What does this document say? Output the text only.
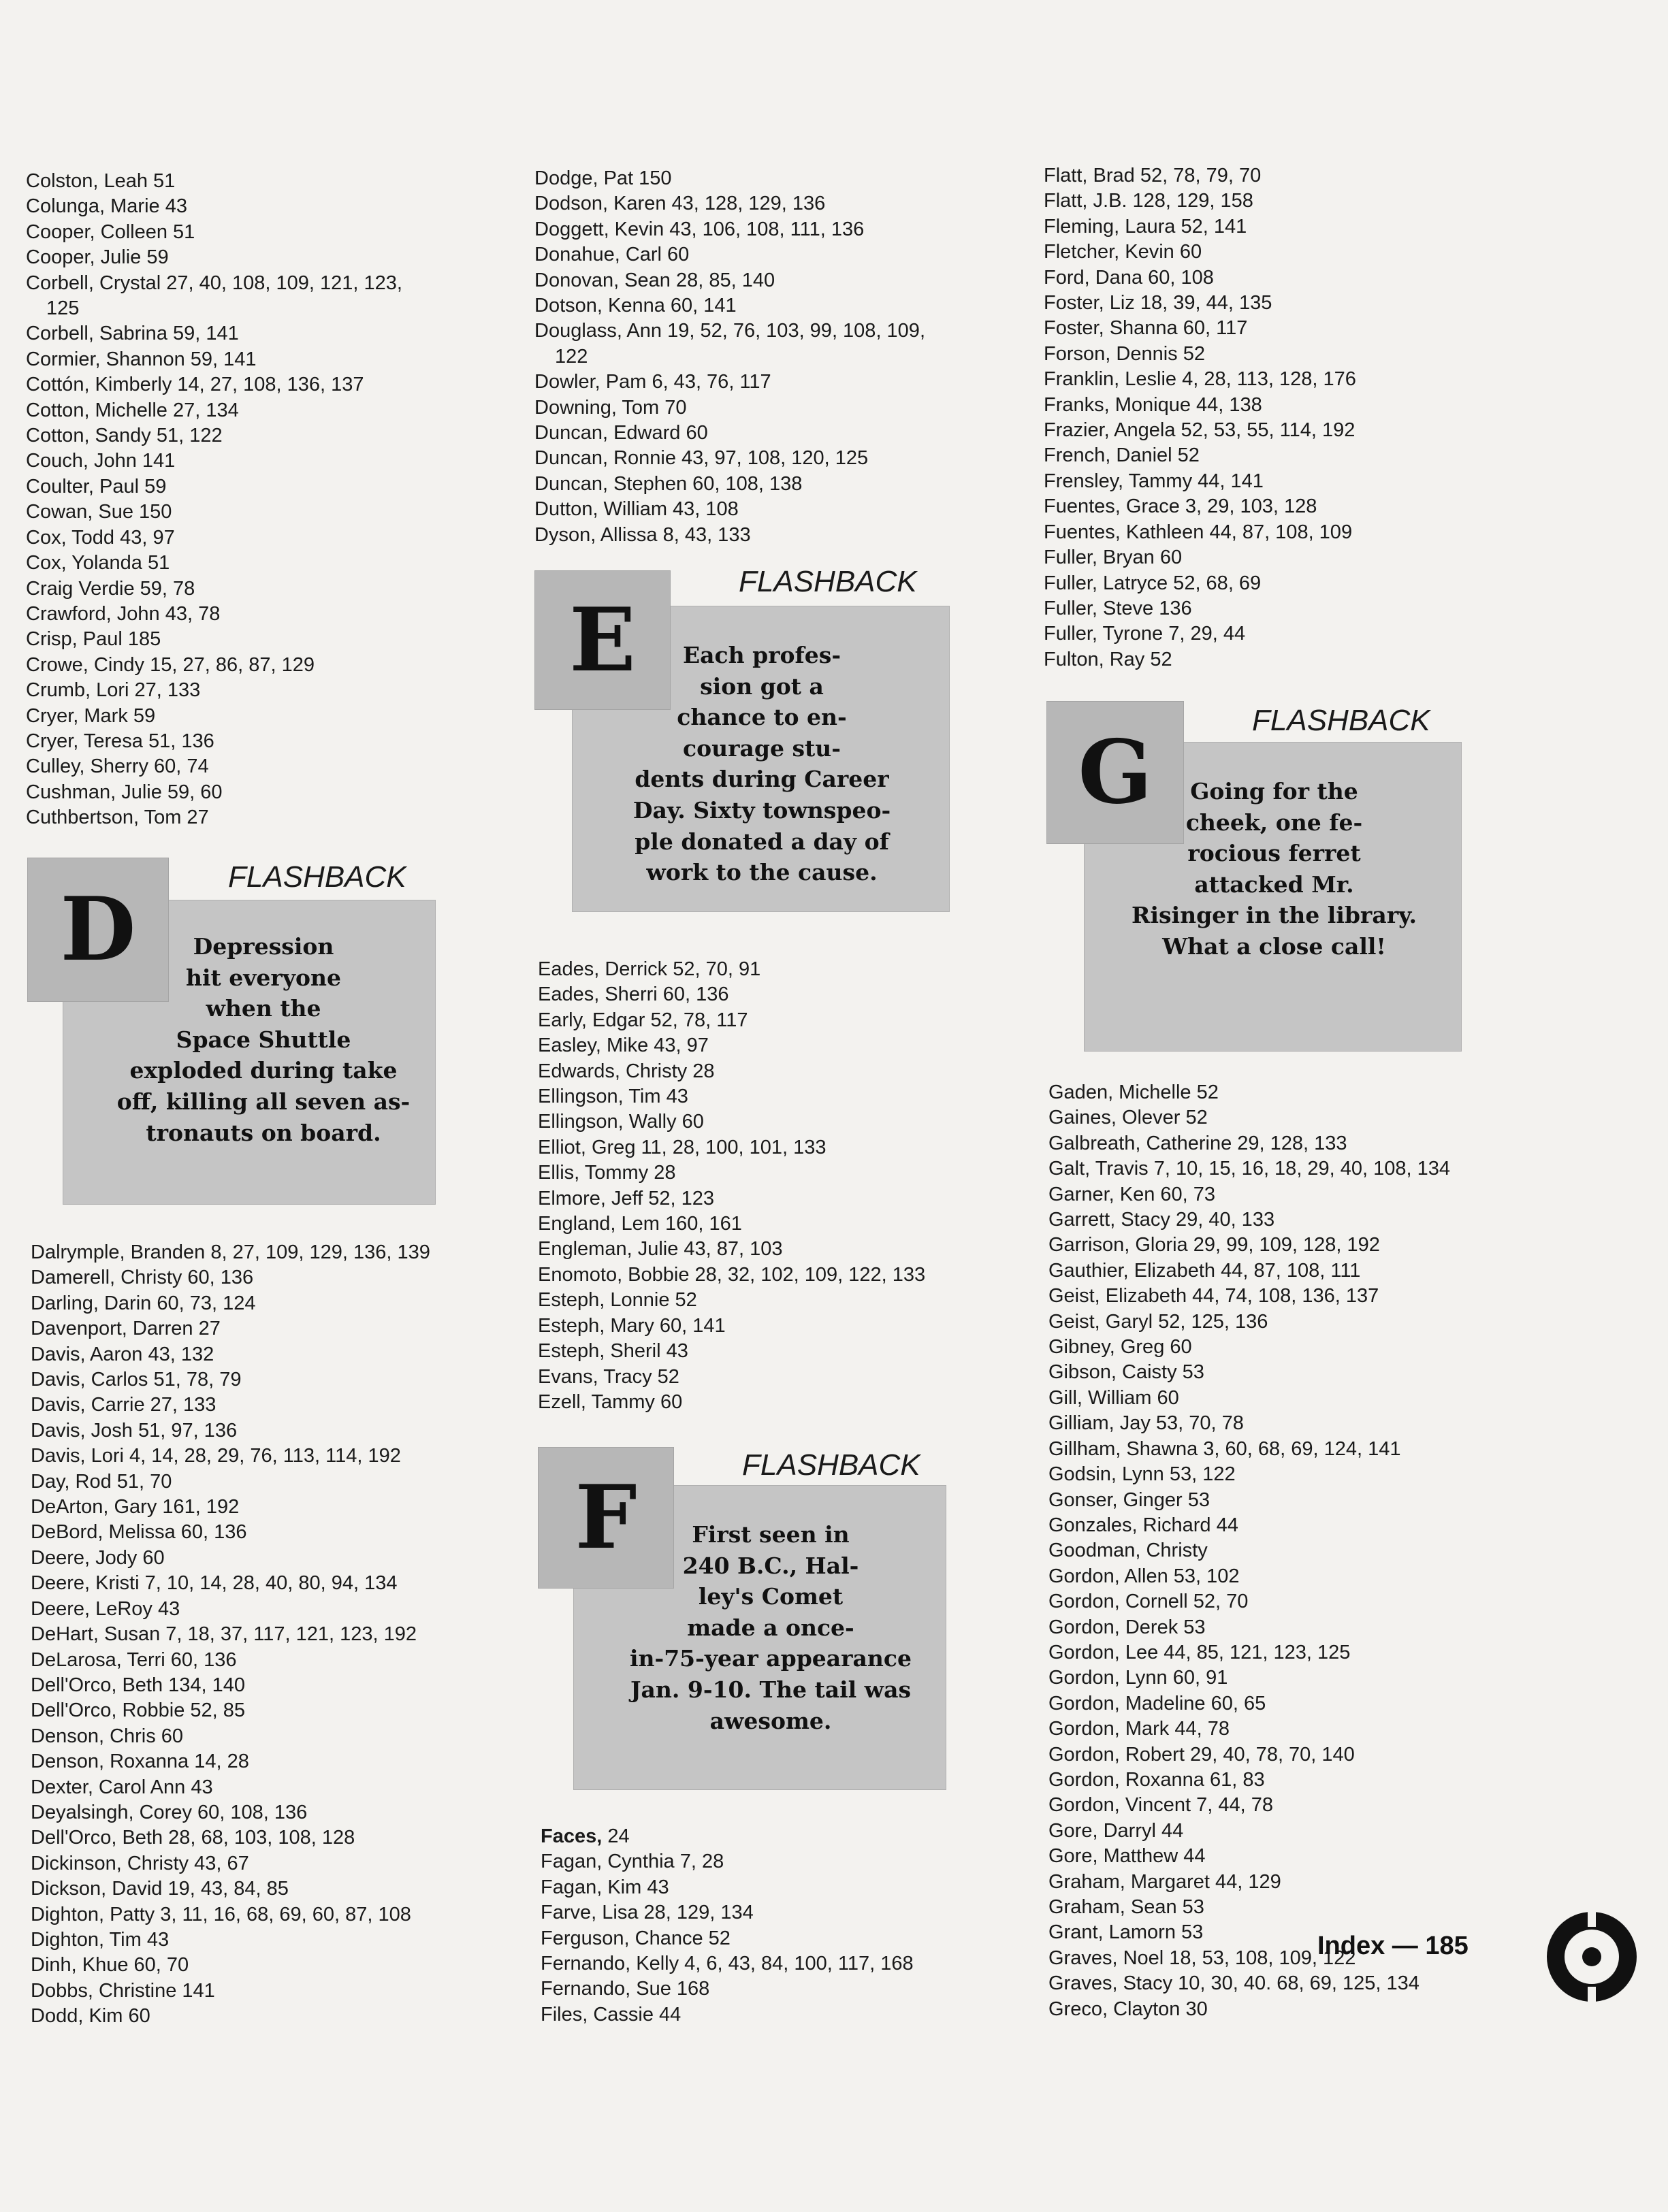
Colston, Leah 51
Colunga, Marie 43
Cooper, Colleen 51
Cooper, Julie 59
Corbell, Crystal 27, 40, 108, 109, 121, 123,
125
Corbell, Sabrina 59, 141
Cormier, Shannon 59, 141
Cottón, Kimberly 14, 27, 108, 136, 137
Cotton, Michelle 27, 134
Cotton, Sandy 51, 122
Couch, John 141
Coulter, Paul 59
Cowan, Sue 150
Cox, Todd 43, 97
Cox, Yolanda 51
Craig Verdie 59, 78
Crawford, John 43, 78
Crisp, Paul 185
Crowe, Cindy 15, 27, 86, 87, 129
Crumb, Lori 27, 133
Cryer, Mark 59
Cryer, Teresa 51, 136
Culley, Sherry 60, 74
Cushman, Julie 59, 60
Cuthbertson, Tom 27
Dalrymple, Branden 8, 27, 109, 129, 136, 139
Damerell, Christy 60, 136
Darling, Darin 60, 73, 124
Davenport, Darren 27
Davis, Aaron 43, 132
Davis, Carlos 51, 78, 79
Davis, Carrie 27, 133
Davis, Josh 51, 97, 136
Davis, Lori 4, 14, 28, 29, 76, 113, 114, 192
Day, Rod 51, 70
DeArton, Gary 161, 192
DeBord, Melissa 60, 136
Deere, Jody 60
Deere, Kristi 7, 10, 14, 28, 40, 80, 94, 134
Deere, LeRoy 43
DeHart, Susan 7, 18, 37, 117, 121, 123, 192
DeLarosa, Terri 60, 136
Dell'Orco, Beth 134, 140
Dell'Orco, Robbie 52, 85
Denson, Chris 60
Denson, Roxanna 14, 28
Dexter, Carol Ann 43
Deyalsingh, Corey 60, 108, 136
Dell'Orco, Beth 28, 68, 103, 108, 128
Dickinson, Christy 43, 67
Dickson, David 19, 43, 84, 85
Dighton, Patty 3, 11, 16, 68, 69, 60, 87, 108
Dighton, Tim 43
Dinh, Khue 60, 70
Dobbs, Christine 141
Dodd, Kim 60
Dodge, Pat 150
Dodson, Karen 43, 128, 129, 136
Doggett, Kevin 43, 106, 108, 111, 136
Donahue, Carl 60
Donovan, Sean 28, 85, 140
Dotson, Kenna 60, 141
Douglass, Ann 19, 52, 76, 103, 99, 108, 109,
122
Dowler, Pam 6, 43, 76, 117
Downing, Tom 70
Duncan, Edward 60
Duncan, Ronnie 43, 97, 108, 120, 125
Duncan, Stephen 60, 108, 138
Dutton, William 43, 108
Dyson, Allissa 8, 43, 133
Eades, Derrick 52, 70, 91
Eades, Sherri 60, 136
Early, Edgar 52, 78, 117
Easley, Mike 43, 97
Edwards, Christy 28
Ellingson, Tim 43
Ellingson, Wally 60
Elliot, Greg 11, 28, 100, 101, 133
Ellis, Tommy 28
Elmore, Jeff 52, 123
England, Lem 160, 161
Engleman, Julie 43, 87, 103
Enomoto, Bobbie 28, 32, 102, 109, 122, 133
Esteph, Lonnie 52
Esteph, Mary 60, 141
Esteph, Sheril 43
Evans, Tracy 52
Ezell, Tammy 60
Faces, 24
Fagan, Cynthia 7, 28
Fagan, Kim 43
Farve, Lisa 28, 129, 134
Ferguson, Chance 52
Fernando, Kelly 4, 6, 43, 84, 100, 117, 168
Fernando, Sue 168
Files, Cassie 44
Flatt, Brad 52, 78, 79, 70
Flatt, J.B. 128, 129, 158
Fleming, Laura 52, 141
Fletcher, Kevin 60
Ford, Dana 60, 108
Foster, Liz 18, 39, 44, 135
Foster, Shanna 60, 117
Forson, Dennis 52
Franklin, Leslie 4, 28, 113, 128, 176
Franks, Monique 44, 138
Frazier, Angela 52, 53, 55, 114, 192
French, Daniel 52
Frensley, Tammy 44, 141
Fuentes, Grace 3, 29, 103, 128
Fuentes, Kathleen 44, 87, 108, 109
Fuller, Bryan 60
Fuller, Latryce 52, 68, 69
Fuller, Steve 136
Fuller, Tyrone 7, 29, 44
Fulton, Ray 52
Gaden, Michelle 52
Gaines, Olever 52
Galbreath, Catherine 29, 128, 133
Galt, Travis 7, 10, 15, 16, 18, 29, 40, 108, 134
Garner, Ken 60, 73
Garrett, Stacy 29, 40, 133
Garrison, Gloria 29, 99, 109, 128, 192
Gauthier, Elizabeth 44, 87, 108, 111
Geist, Elizabeth 44, 74, 108, 136, 137
Geist, Garyl 52, 125, 136
Gibney, Greg 60
Gibson, Caisty 53
Gill, William 60
Gilliam, Jay 53, 70, 78
Gillham, Shawna 3, 60, 68, 69, 124, 141
Godsin, Lynn 53, 122
Gonser, Ginger 53
Gonzales, Richard 44
Goodman, Christy
Gordon, Allen 53, 102
Gordon, Cornell 52, 70
Gordon, Derek 53
Gordon, Lee 44, 85, 121, 123, 125
Gordon, Lynn 60, 91
Gordon, Madeline 60, 65
Gordon, Mark 44, 78
Gordon, Robert 29, 40, 78, 70, 140
Gordon, Roxanna 61, 83
Gordon, Vincent 7, 44, 78
Gore, Darryl 44
Gore, Matthew 44
Graham, Margaret 44, 129
Graham, Sean 53
Grant, Lamorn 53
Graves, Noel 18, 53, 108, 109, 122
Graves, Stacy 10, 30, 40. 68, 69, 125, 134
Greco, Clayton 30
D
FLASHBACK
Depression
hit everyone
when the
Space Shuttle
exploded during take
off, killing all seven as-
tronauts on board.
E
FLASHBACK
Each profes-
sion got a
chance to en-
courage stu-
dents during Career
Day. Sixty townspeo-
ple donated a day of
work to the cause.
F
FLASHBACK
First seen in
240 B.C., Hal-
ley's Comet
made a once-
in-75-year appearance
Jan. 9-10. The tail was
awesome.
G
FLASHBACK
Going for the
cheek, one fe-
rocious ferret
attacked Mr.
Risinger in the library.
What a close call!
Index — 185
